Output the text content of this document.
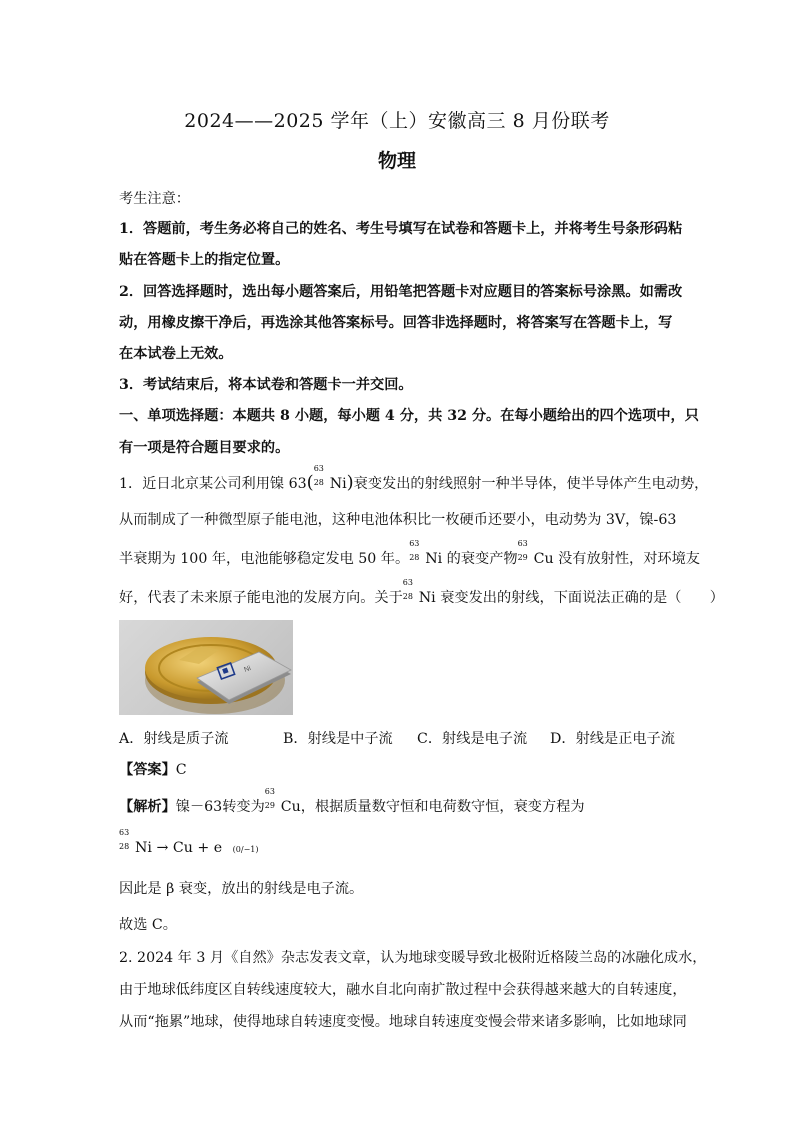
2024——2025 学年（上）安徽高三 8 月份联考
物理
考生注意：
1．答题前，考生务必将自己的姓名、考生号填写在试卷和答题卡上，并将考生号条形码粘
贴在答题卡上的指定位置。
2．回答选择题时，选出每小题答案后，用铅笔把答题卡对应题目的答案标号涂黑。如需改
动，用橡皮擦干净后，再选涂其他答案标号。回答非选择题时，将答案写在答题卡上，写
在本试卷上无效。
3．考试结束后，将本试卷和答题卡一并交回。
一、单项选择题：本题共 8 小题，每小题 4 分，共 32 分。在每小题给出的四个选项中，只
有一项是符合题目要求的。
1．近日北京某公司利用镍 63(
63
28 Ni)衰变发出的射线照射一种半导体，使半导体产生电动势，
从而制成了一种微型原子能电池，这种电池体积比一枚硬币还要小，电动势为 3V，镍-63
半衰期为 100 年，电池能够稳定发电 50 年。
63
28 Ni 的衰变产物
63
29 Cu 没有放射性，对环境友
好，代表了未来原子能电池的发展方向。关于
63
28 Ni 衰变发出的射线，下面说法正确的是（　　）
Ni
A．射线是质子流	B．射线是中子流 C．射线是电子流 D．射线是正电子流
【答案】C
【解析】镍－63转变为
63
29 Cu，根据质量数守恒和电荷数守恒，衰变方程为
63
28 Ni → Cu + e (0/−1)
因此是 β 衰变，放出的射线是电子流。
故选 C。
2. 2024 年 3 月《自然》杂志发表文章，认为地球变暖导致北极附近格陵兰岛的冰融化成水，
由于地球低纬度区自转线速度较大，融水自北向南扩散过程中会获得越来越大的自转速度，
从而“拖累”地球，使得地球自转速度变慢。地球自转速度变慢会带来诸多影响，比如地球同
